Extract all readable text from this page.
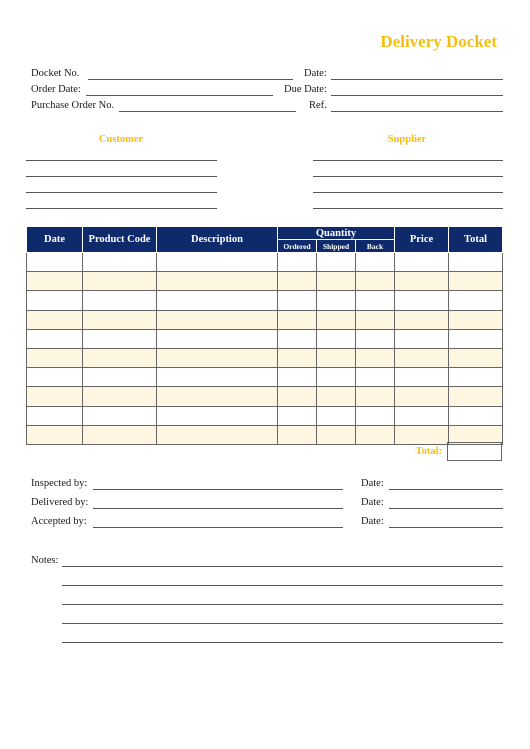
Delivery Docket
Docket No.	Date:
Order Date:	Due Date:
Purchase Order No.	Ref.
Customer	Supplier
Date	Product Code	Description	Quantity			Price	Total
			Ordered	Shipped	Back		

Total:
Inspected by:	Date:
Delivered by:	Date:
Accepted by:	Date:
Notes:
